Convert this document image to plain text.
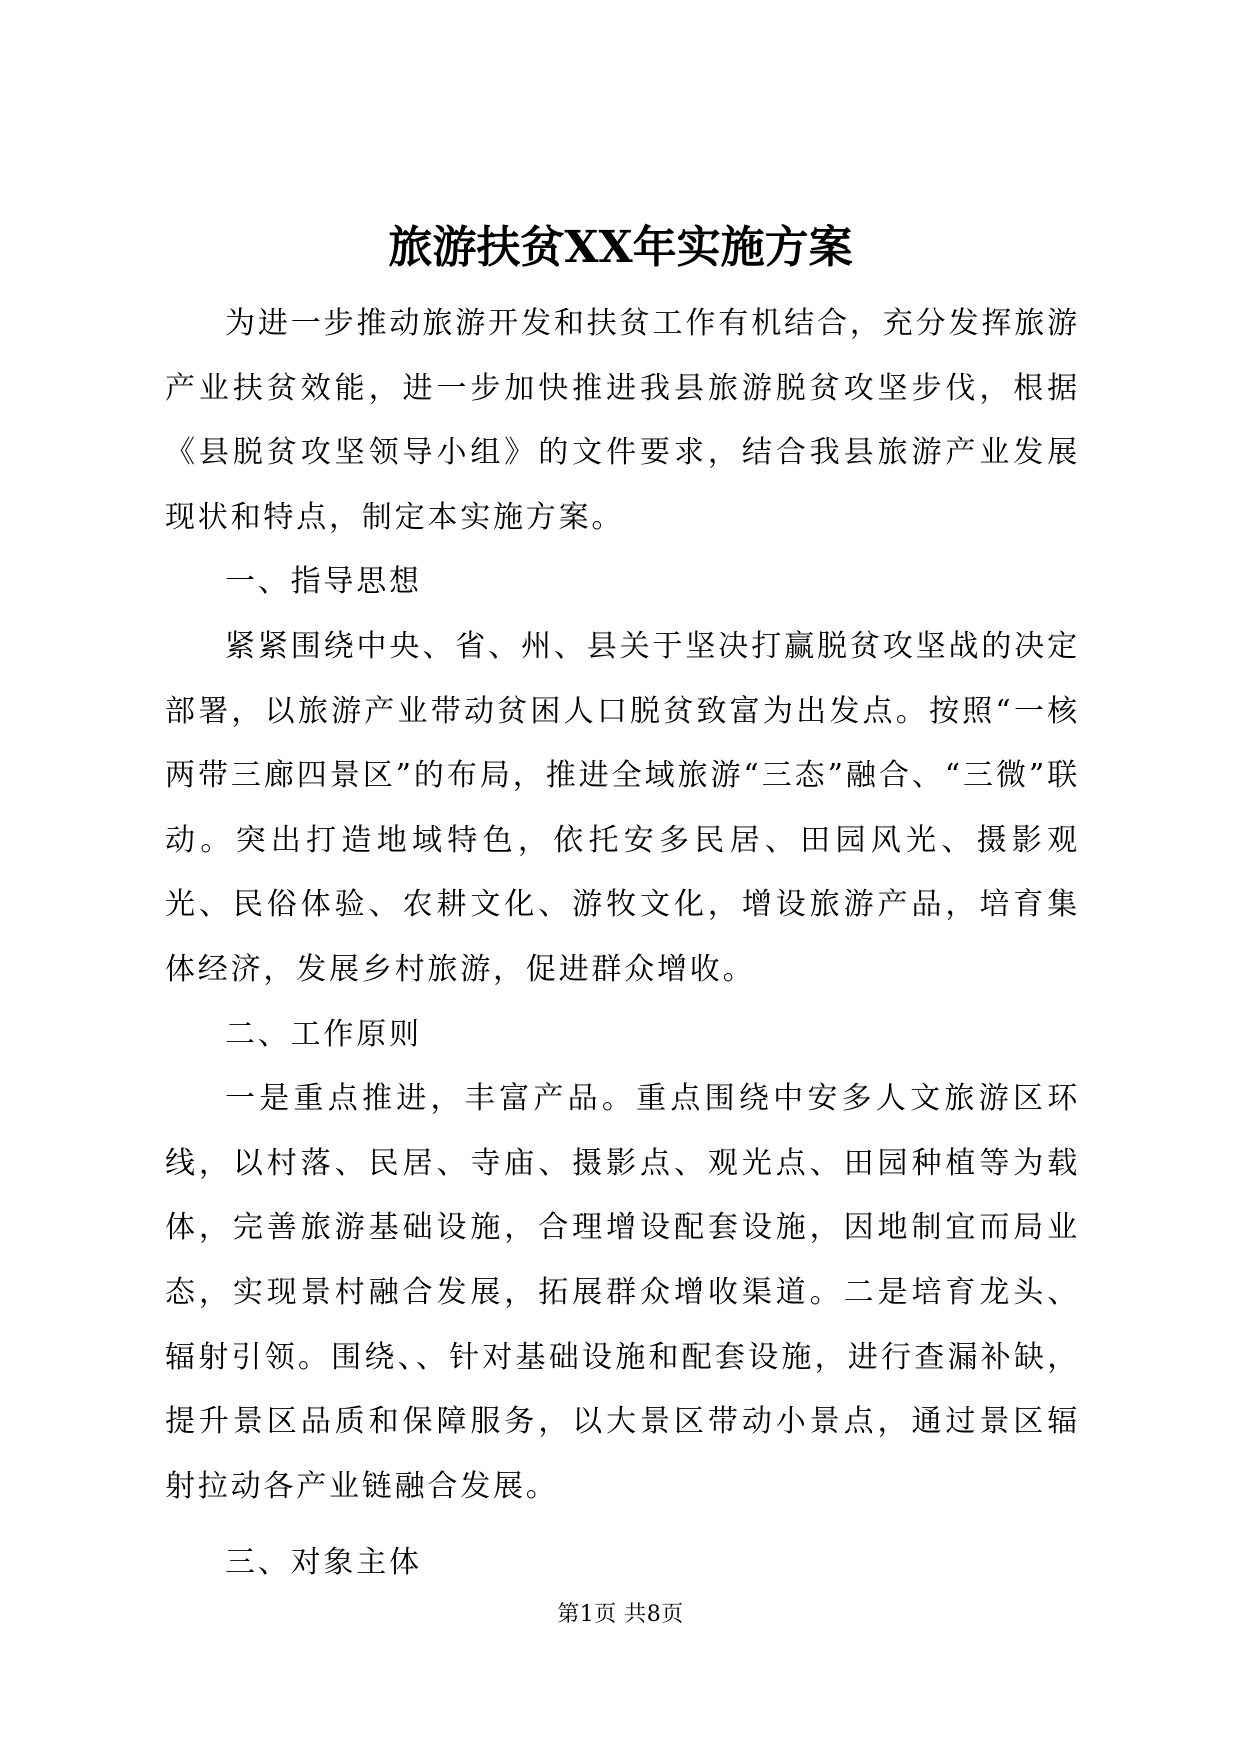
旅游扶贫XX年实施方案

为进一步推动旅游开发和扶贫工作有机结合，充分发挥旅游产业扶贫效能，进一步加快推进我县旅游脱贫攻坚步伐，根据《县脱贫攻坚领导小组》的文件要求，结合我县旅游产业发展现状和特点，制定本实施方案。

一、指导思想

紧紧围绕中央、省、州、县关于坚决打赢脱贫攻坚战的决定部署，以旅游产业带动贫困人口脱贫致富为出发点。按照“一核两带三廊四景区”的布局，推进全域旅游“三态”融合、“三微”联动。突出打造地域特色，依托安多民居、田园风光、摄影观光、民俗体验、农耕文化、游牧文化，增设旅游产品，培育集体经济，发展乡村旅游，促进群众增收。

二、工作原则

一是重点推进，丰富产品。重点围绕中安多人文旅游区环线，以村落、民居、寺庙、摄影点、观光点、田园种植等为载体，完善旅游基础设施，合理增设配套设施，因地制宜而局业态，实现景村融合发展，拓展群众增收渠道。二是培育龙头、辐射引领。围绕、、针对基础设施和配套设施，进行查漏补缺，提升景区品质和保障服务，以大景区带动小景点，通过景区辐射拉动各产业链融合发展。

三、对象主体

第1页 共8页
